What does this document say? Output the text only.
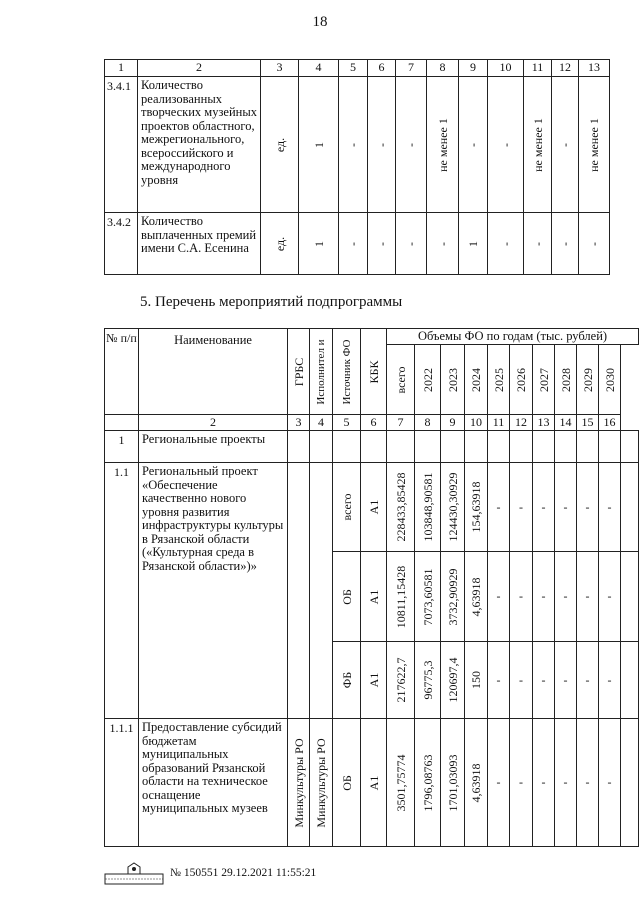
18
1	2	3	4	5	6	7	8	9	10	11	12	13
3.4.1	Количество реализованных творческих музейных проектов областного, межрегионального, всероссийского и международного уровня	ед.	1	-	-	-	не менее 1	-	-	не менее 1	-	не менее 1

3.4.2	Количество выплаченных премий имени С.А. Есенина	ед.	1	-	-	-	-	1	-	-	-	-
5. Перечень мероприятий подпрограммы
№ п/п	Наименование	ГРБС	Исполнител и	Источник ФО	КБК	Объемы ФО по годам (тыс. рублей)										

						всего	2022	2023	2024	2025	2026	2027	2028	2029	2030	

	2	3	4	5	6	7	8	9	10	11	12	13	14	15	16	
1	Региональные проекты															
1.1	Региональный проект «Обеспечение качественно нового уровня развития инфраструктуры культуры в Рязанской области («Культурная среда в Рязанской области»)»			всего	А1	228433,85428	103848,90581	124430,30929	154,63918	-	-	-	-	-	-	

				ОБ	А1	10811,15428	7073,60581	3732,90929	4,63918	-	-	-	-	-	-	

				ФБ	А1	217622,7	96775,3	120697,4	150	-	-	-	-	-	-	
1.1.1	Предоставление субсидий бюджетам муниципальных образований Рязанской области на техническое оснащение муниципальных музеев	Минкультуры РО	Минкультуры РО	ОБ	А1	3501,75774	1796,08763	1701,03093	4,63918	-	-	-	-	-	-	
№ 150551 29.12.2021 11:55:21
